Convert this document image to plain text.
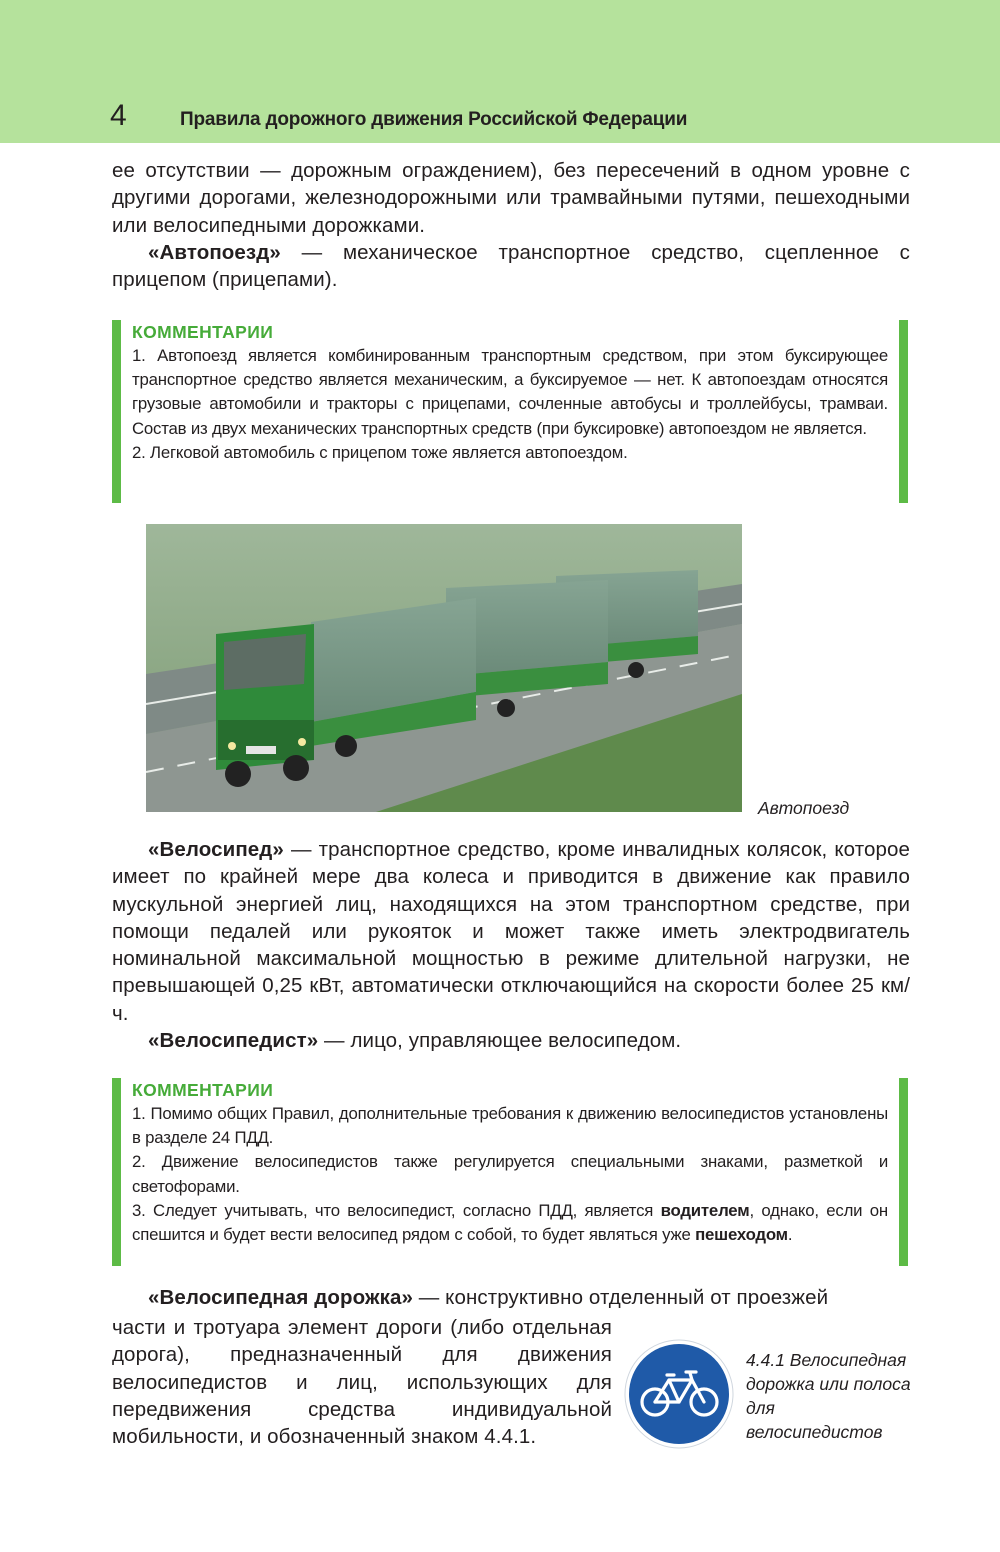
4	Правила дорожного движения Российской Федерации

ее отсутствии — дорожным ограждением), без пересечений в одном уровне с другими дорогами, железнодорожными или трамвайными путями, пешеходными или велосипедными дорожками.

«Автопоезд» — механическое транспортное средство, сцепленное с прицепом (прицепами).

КОММЕНТАРИИ

1. Автопоезд является комбинированным транспортным средством, при этом буксирующее транспортное средство является механическим, а буксируемое — нет. К автопоездам относятся грузовые автомобили и тракторы с прицепами, сочленные автобусы и троллейбусы, трамваи. Состав из двух механических транспортных средств (при буксировке) автопоездом не является.

2. Легковой автомобиль с прицепом тоже является автопоездом.

Автопоезд

«Велосипед» — транспортное средство, кроме инвалидных колясок, которое имеет по крайней мере два колеса и приводится в движение как правило мускульной энергией лиц, находящихся на этом транспортном средстве, при помощи педалей или рукояток и может также иметь электродвигатель номинальной максимальной мощностью в режиме длительной нагрузки, не превышающей 0,25 кВт, автоматически отключающийся на скорости более 25 км/ч.

«Велосипедист» — лицо, управляющее велосипедом.

КОММЕНТАРИИ

1. Помимо общих Правил, дополнительные требования к движению велосипедистов установлены в разделе 24 ПДД.

2. Движение велосипедистов также регулируется специальными знаками, разметкой и светофорами.

3. Следует учитывать, что велосипедист, согласно ПДД, является водителем, однако, если он спешится и будет вести велосипед рядом с собой, то будет являться уже пешеходом.

«Велосипедная дорожка» — конструктивно отделенный от проезжей

части и тротуара элемент дороги (либо отдельная дорога), предназначенный для движения велосипедистов и лиц, использующих для передвижения средства индивидуальной мобильности, и обозначенный знаком 4.4.1.

4.4.1 Велосипедная дорожка или полоса для велосипедистов
